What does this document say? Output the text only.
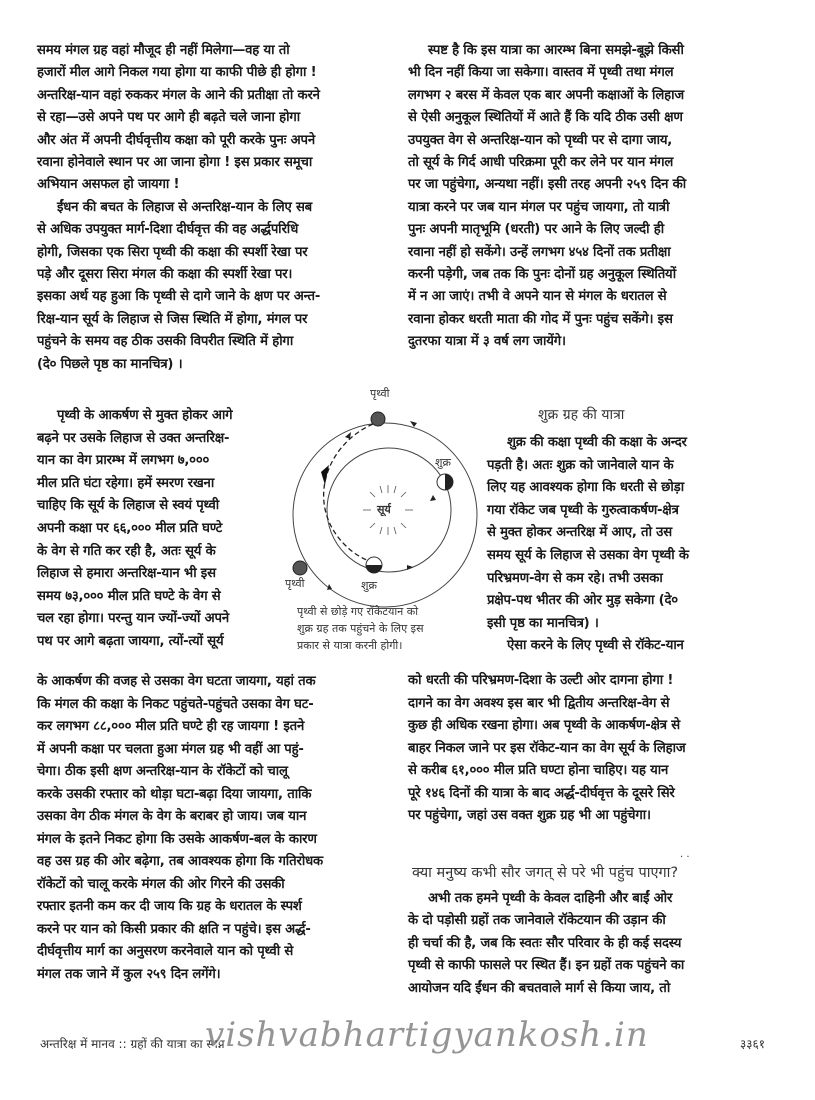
समय मंगल ग्रह वहां मौजूद ही नहीं मिलेगा—वह या तो
हजारों मील आगे निकल गया होगा या काफी पीछे ही होगा !
अन्तरिक्ष-यान वहां रुककर मंगल के आने की प्रतीक्षा तो करने
से रहा—उसे अपने पथ पर आगे ही बढ़ते चले जाना होगा
और अंत में अपनी दीर्घवृत्तीय कक्षा को पूरी करके पुनः अपने
रवाना होनेवाले स्थान पर आ जाना होगा ! इस प्रकार समूचा
अभियान असफल हो जायगा !
ईंधन की बचत के लिहाज से अन्तरिक्ष-यान के लिए सब
से अधिक उपयुक्त मार्ग-दिशा दीर्घवृत्त की वह अर्द्धपरिधि
होगी, जिसका एक सिरा पृथ्वी की कक्षा की स्पर्शी रेखा पर
पड़े और दूसरा सिरा मंगल की कक्षा की स्पर्शी रेखा पर।
इसका अर्थ यह हुआ कि पृथ्वी से दागे जाने के क्षण पर अन्त-
रिक्ष-यान सूर्य के लिहाज से जिस स्थिति में होगा, मंगल पर
पहुंचने के समय वह ठीक उसकी विपरीत स्थिति में होगा
(दे० पिछले पृष्ठ का मानचित्र) ।
पृथ्वी के आकर्षण से मुक्त होकर आगे
बढ़ने पर उसके लिहाज से उक्त अन्तरिक्ष-
यान का वेग प्रारम्भ में लगभग ७,०००
मील प्रति घंटा रहेगा। हमें स्मरण रखना
चाहिए कि सूर्य के लिहाज से स्वयं पृथ्वी
अपनी कक्षा पर ६६,००० मील प्रति घण्टे
के वेग से गति कर रही है, अतः सूर्य के
लिहाज से हमारा अन्तरिक्ष-यान भी इस
समय ७३,००० मील प्रति घण्टे के वेग से
चल रहा होगा। परन्तु यान ज्यों-ज्यों अपने
पथ पर आगे बढ़ता जायगा, त्यों-त्यों सूर्य
के आकर्षण की वजह से उसका वेग घटता जायगा, यहां तक
कि मंगल की कक्षा के निकट पहुंचते-पहुंचते उसका वेग घट-
कर लगभग ८८,००० मील प्रति घण्टे ही रह जायगा ! इतने
में अपनी कक्षा पर चलता हुआ मंगल ग्रह भी वहीं आ पहुं-
चेगा। ठीक इसी क्षण अन्तरिक्ष-यान के रॉकेटों को चालू
करके उसकी रफ्तार को थोड़ा घटा-बढ़ा दिया जायगा, ताकि
उसका वेग ठीक मंगल के वेग के बराबर हो जाय। जब यान
मंगल के इतने निकट होगा कि उसके आकर्षण-बल के कारण
वह उस ग्रह की ओर बढ़ेगा, तब आवश्यक होगा कि गतिरोधक
रॉकेटों को चालू करके मंगल की ओर गिरने की उसकी
रफ्तार इतनी कम कर दी जाय कि ग्रह के धरातल के स्पर्श
करने पर यान को किसी प्रकार की क्षति न पहुंचे। इस अर्द्ध-
दीर्घवृत्तीय मार्ग का अनुसरण करनेवाले यान को पृथ्वी से
मंगल तक जाने में कुल २५९ दिन लगेंगे।
स्पष्ट है कि इस यात्रा का आरम्भ बिना समझे-बूझे किसी
भी दिन नहीं किया जा सकेगा। वास्तव में पृथ्वी तथा मंगल
लगभग २ बरस में केवल एक बार अपनी कक्षाओं के लिहाज
से ऐसी अनुकूल स्थितियों में आते हैं कि यदि ठीक उसी क्षण
उपयुक्त वेग से अन्तरिक्ष-यान को पृथ्वी पर से दागा जाय,
तो सूर्य के गिर्द आधी परिक्रमा पूरी कर लेने पर यान मंगल
पर जा पहुंचेगा, अन्यथा नहीं। इसी तरह अपनी २५९ दिन की
यात्रा करने पर जब यान मंगल पर पहुंच जायगा, तो यात्री
पुनः अपनी मातृभूमि (धरती) पर आने के लिए जल्दी ही
रवाना नहीं हो सकेंगे। उन्हें लगभग ४५४ दिनों तक प्रतीक्षा
करनी पड़ेगी, जब तक कि पुनः दोनों ग्रह अनुकूल स्थितियों
में न आ जाएं। तभी वे अपने यान से मंगल के धरातल से
रवाना होकर धरती माता की गोद में पुनः पहुंच सकेंगे। इस
दुतरफा यात्रा में ३ वर्ष लग जायेंगे।
शुक्र की कक्षा पृथ्वी की कक्षा के अन्दर
पड़ती है। अतः शुक्र को जानेवाले यान के
लिए यह आवश्यक होगा कि धरती से छोड़ा
गया रॉकेट जब पृथ्वी के गुरुत्वाकर्षण-क्षेत्र
से मुक्त होकर अन्तरिक्ष में आए, तो उस
समय सूर्य के लिहाज से उसका वेग पृथ्वी के
परिभ्रमण-वेग से कम रहे। तभी उसका
प्रक्षेप-पथ भीतर की ओर मुड़ सकेगा (दे०
इसी पृष्ठ का मानचित्र) ।
ऐसा करने के लिए पृथ्वी से रॉकेट-यान
को धरती की परिभ्रमण-दिशा के उल्टी ओर दागना होगा !
दागने का वेग अवश्य इस बार भी द्वितीय अन्तरिक्ष-वेग से
कुछ ही अधिक रखना होगा। अब पृथ्वी के आकर्षण-क्षेत्र से
बाहर निकल जाने पर इस रॉकेट-यान का वेग सूर्य के लिहाज
से करीब ६१,००० मील प्रति घण्टा होना चाहिए। यह यान
पूरे १४६ दिनों की यात्रा के बाद अर्द्ध-दीर्घवृत्त के दूसरे सिरे
पर पहुंचेगा, जहां उस वक्त शुक्र ग्रह भी आ पहुंचेगा।
अभी तक हमने पृथ्वी के केवल दाहिनी और बाईं ओर
के दो पड़ोसी ग्रहों तक जानेवाले रॉकेटयान की उड़ान की
ही चर्चा की है, जब कि स्वतः सौर परिवार के ही कई सदस्य
पृथ्वी से काफी फासले पर स्थित हैं। इन ग्रहों तक पहुंचने का
आयोजन यदि ईंधन की बचतवाले मार्ग से किया जाय, तो
शुक्र ग्रह की यात्रा
क्या मनुष्य कभी सौर जगत् से परे भी पहुंच पाएगा?
· ·
पृथ्वी
पृथ्वी
शुक्र
शुक्र
सूर्य
पृथ्वी से छोड़े गए रॉकेटयान को
शुक्र ग्रह तक पहुंचने के लिए इस
प्रकार से यात्रा करनी होगी।
अन्तरिक्ष में मानव :: ग्रहों की यात्रा का स्वप्न	३३६१
vishvabhartigyankosh.in
